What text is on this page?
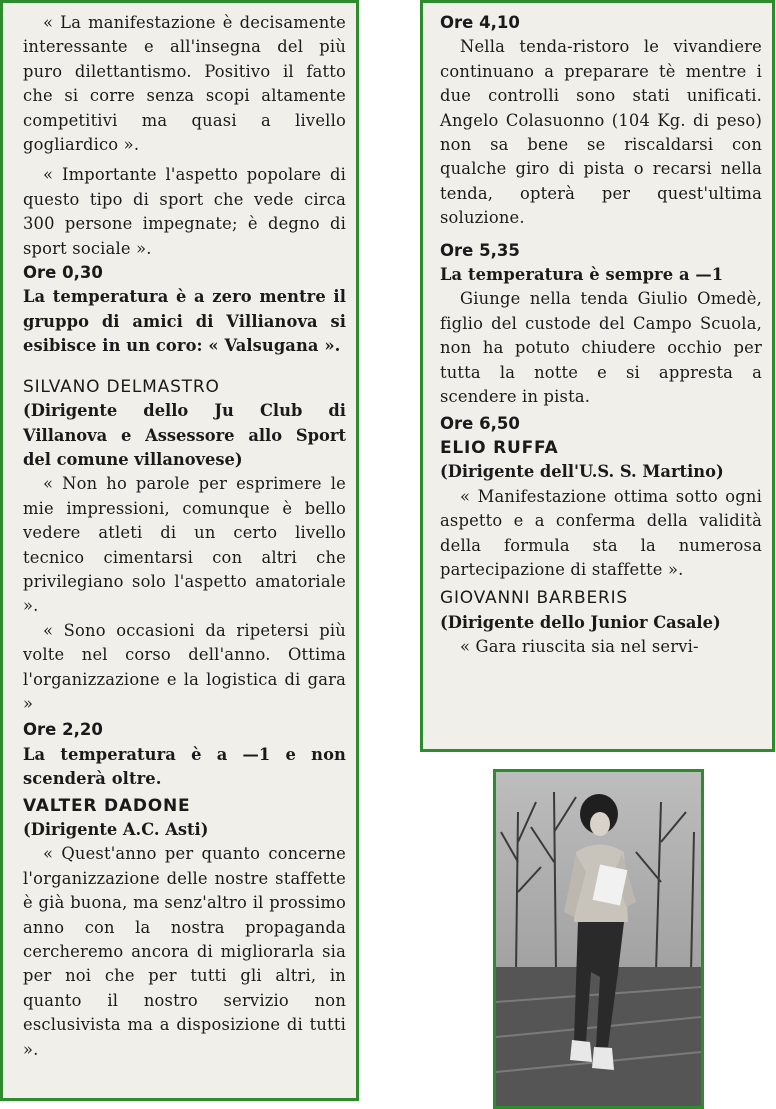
« La manifestazione è decisamente interessante e all'insegna del più puro dilettantismo. Positivo il fatto che si corre senza scopi altamente competitivi ma quasi a livello gogliardico ».

« Importante l'aspetto popolare di questo tipo di sport che vede circa 300 persone impegnate; è degno di sport sociale ».

Ore 0,30

La temperatura è a zero mentre il gruppo di amici di Villianova si esibisce in un coro: « Valsugana ».

SILVANO DELMASTRO

(Dirigente dello Ju Club di Villanova e Assessore allo Sport del comune villanovese)

« Non ho parole per esprimere le mie impressioni, comunque è bello vedere atleti di un certo livello tecnico cimentarsi con altri che privilegiano solo l'aspetto amatoriale ».

« Sono occasioni da ripetersi più volte nel corso dell'anno. Ottima l'organizzazione e la logistica di gara »

Ore 2,20

La temperatura è a —1 e non scenderà oltre.

VALTER DADONE

(Dirigente A.C. Asti)

« Quest'anno per quanto concerne l'organizzazione delle nostre staffette è già buona, ma senz'altro il prossimo anno con la nostra propaganda cercheremo ancora di migliorarla sia per noi che per tutti gli altri, in quanto il nostro servizio non esclusivista ma a disposizione di tutti ».

Ore 4,10

Nella tenda-ristoro le vivandiere continuano a preparare tè mentre i due controlli sono stati unificati. Angelo Colasuonno (104 Kg. di peso) non sa bene se riscaldarsi con qualche giro di pista o recarsi nella tenda, opterà per quest'ultima soluzione.

Ore 5,35

La temperatura è sempre a —1

Giunge nella tenda Giulio Omedè, figlio del custode del Campo Scuola, non ha potuto chiudere occhio per tutta la notte e si appresta a scendere in pista.

Ore 6,50

ELIO RUFFA

(Dirigente dell'U.S. S. Martino)

« Manifestazione ottima sotto ogni aspetto e a conferma della validità della formula sta la numerosa partecipazione di staffette ».

GIOVANNI BARBERIS

(Dirigente dello Junior Casale)

« Gara riuscita sia nel servi-
